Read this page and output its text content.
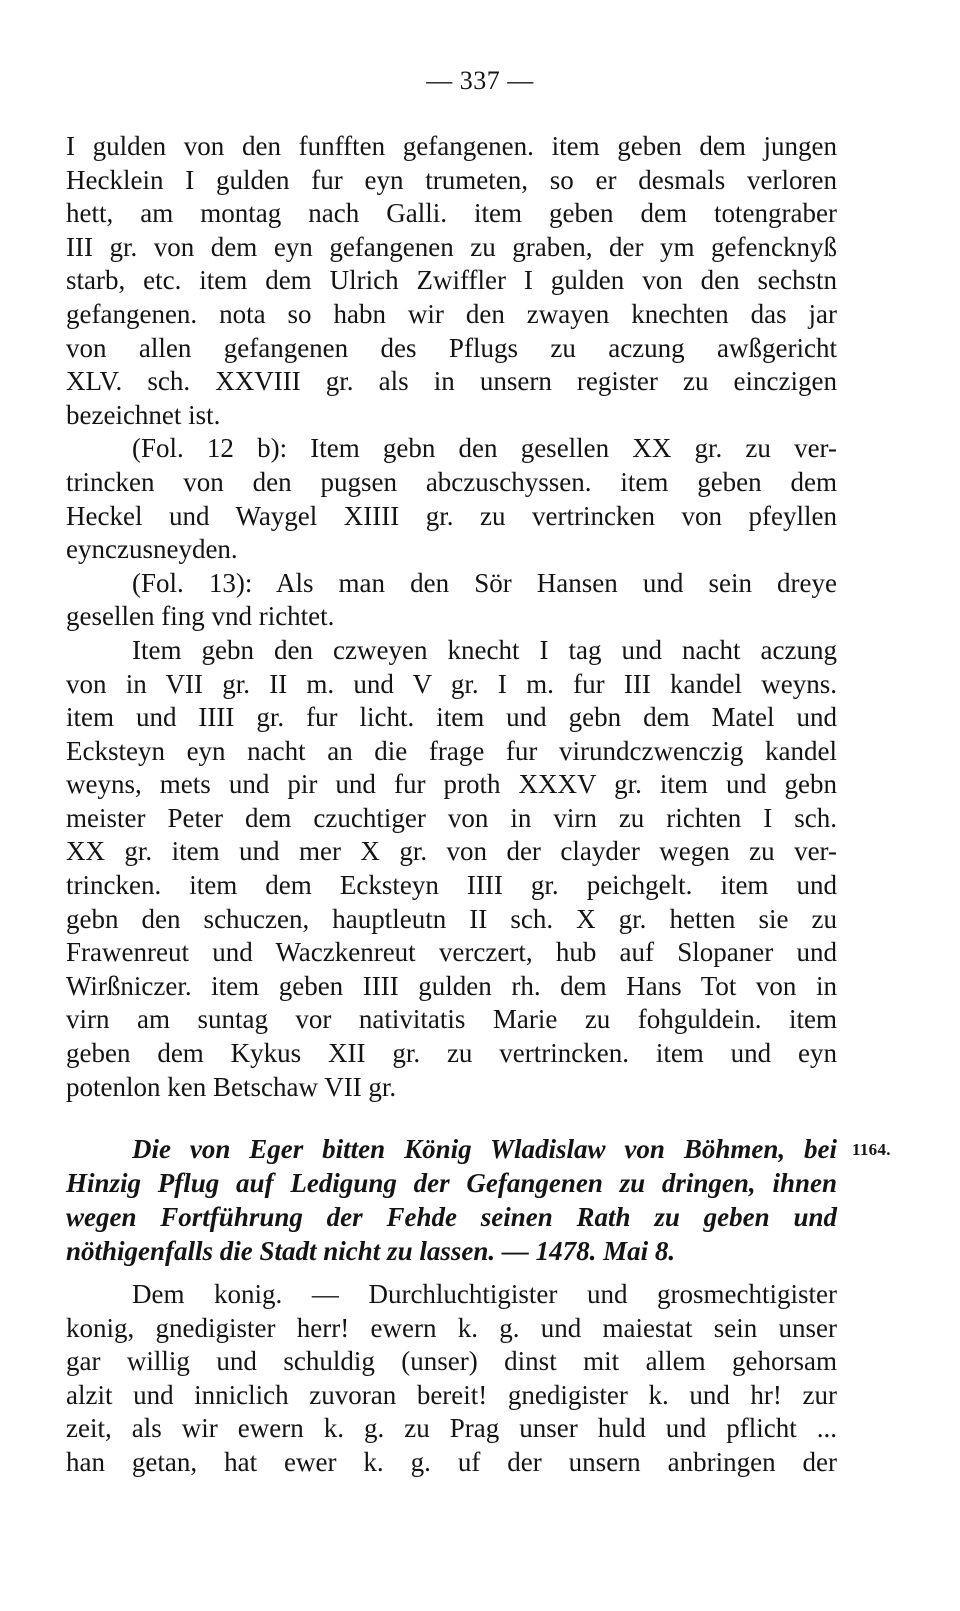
— 337 —
I gulden von den funfften gefangenen. item geben dem jungen
Hecklein I gulden fur eyn trumeten, so er desmals verloren
hett, am montag nach Galli. item geben dem totengraber
III gr. von dem eyn gefangenen zu graben, der ym gefencknyß
starb, etc. item dem Ulrich Zwiffler I gulden von den sechstn
gefangenen. nota so habn wir den zwayen knechten das jar
von allen gefangenen des Pflugs zu aczung awßgericht
XLV. sch. XXVIII gr. als in unsern register zu einczigen
bezeichnet ist.
(Fol. 12 b): Item gebn den gesellen XX gr. zu ver-
trincken von den pugsen abczuschyssen. item geben dem
Heckel und Waygel XIIII gr. zu vertrincken von pfeyllen
eynczusneyden.
(Fol. 13): Als man den Sör Hansen und sein dreye
gesellen fing vnd richtet.
Item gebn den czweyen knecht I tag und nacht aczung
von in VII gr. II m. und V gr. I m. fur III kandel weyns.
item und IIII gr. fur licht. item und gebn dem Matel und
Ecksteyn eyn nacht an die frage fur virundczwenczig kandel
weyns, mets und pir und fur proth XXXV gr. item und gebn
meister Peter dem czuchtiger von in virn zu richten I sch.
XX gr. item und mer X gr. von der clayder wegen zu ver-
trincken. item dem Ecksteyn IIII gr. peichgelt. item und
gebn den schuczen, hauptleutn II sch. X gr. hetten sie zu
Frawenreut und Waczkenreut verczert, hub auf Slopaner und
Wirßniczer. item geben IIII gulden rh. dem Hans Tot von in
virn am suntag vor nativitatis Marie zu fohguldein. item
geben dem Kykus XII gr. zu vertrincken. item und eyn
potenlon ken Betschaw VII gr.
1164.
Die von Eger bitten König Wladislaw von Böhmen, bei
Hinzig Pflug auf Ledigung der Gefangenen zu dringen, ihnen
wegen Fortführung der Fehde seinen Rath zu geben und
nöthigenfalls die Stadt nicht zu lassen. — 1478. Mai 8.
Dem konig. — Durchluchtigister und grosmechtigister
konig, gnedigister herr! ewern k. g. und maiestat sein unser
gar willig und schuldig (unser) dinst mit allem gehorsam
alzit und inniclich zuvoran bereit! gnedigister k. und hr! zur
zeit, als wir ewern k. g. zu Prag unser huld und pflicht ...
han getan, hat ewer k. g. uf der unsern anbringen der
